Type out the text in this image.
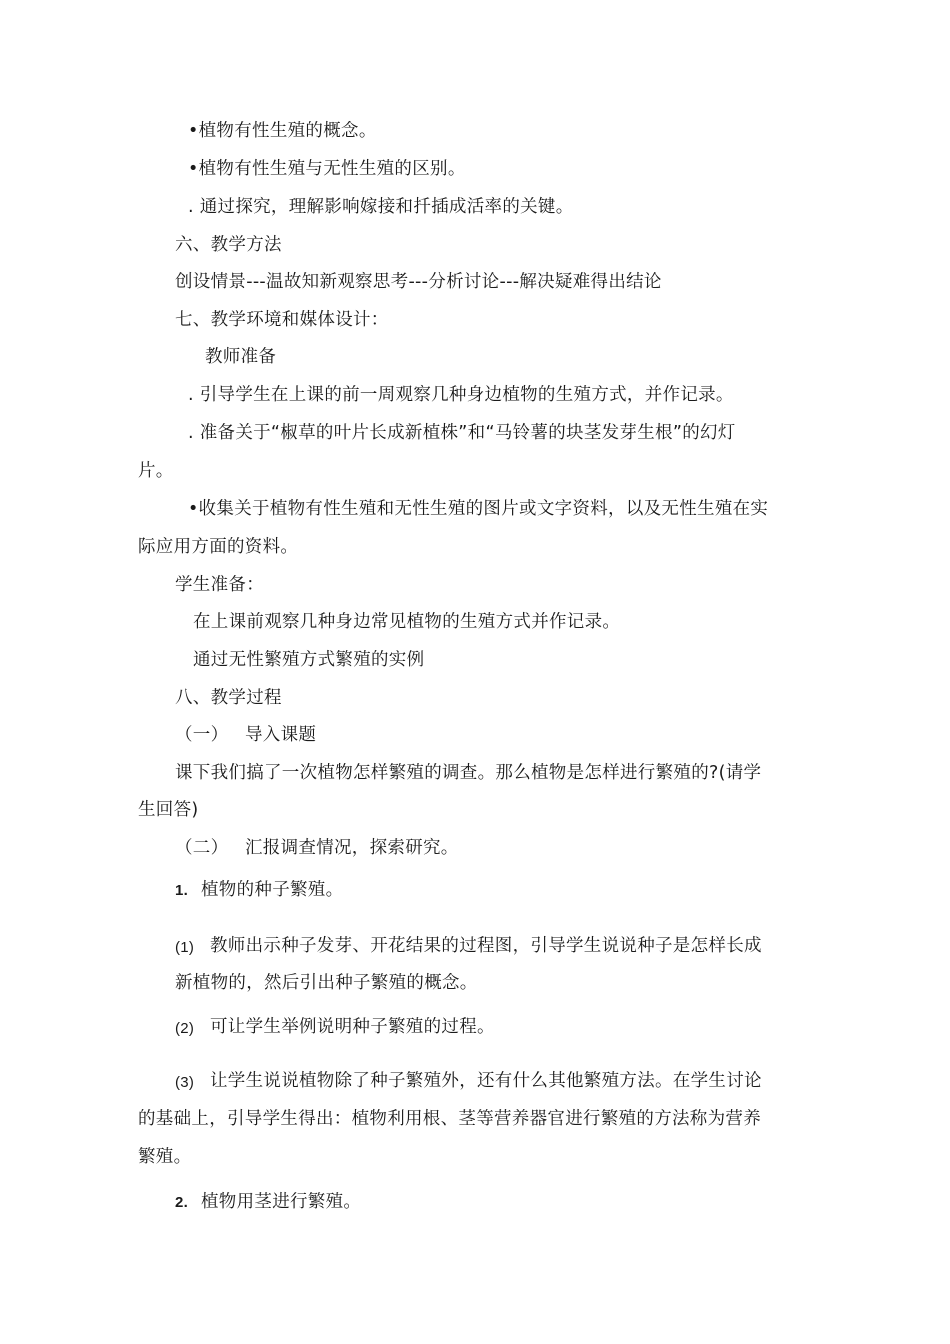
•植物有性生殖的概念。
•植物有性生殖与无性生殖的区别。
. 通过探究，理解影响嫁接和扦插成活率的关键。
六、教学方法
创设情景---温故知新观察思考---分析讨论---解决疑难得出结论
七、教学环境和媒体设计：
教师准备
. 引导学生在上课的前一周观察几种身边植物的生殖方式，并作记录。
. 准备关于“椒草的叶片长成新植株”和“马铃薯的块茎发芽生根”的幻灯
片。
•收集关于植物有性生殖和无性生殖的图片或文字资料，以及无性生殖在实
际应用方面的资料。
学生准备：
在上课前观察几种身边常见植物的生殖方式并作记录。
通过无性繁殖方式繁殖的实例
八、教学过程
（一） 导入课题
课下我们搞了一次植物怎样繁殖的调查。那么植物是怎样进行繁殖的?(请学
生回答)
（二） 汇报调查情况，探索研究。
1. 植物的种子繁殖。
(1) 教师出示种子发芽、开花结果的过程图，引导学生说说种子是怎样长成
新植物的，然后引出种子繁殖的概念。
(2) 可让学生举例说明种子繁殖的过程。
(3) 让学生说说植物除了种子繁殖外，还有什么其他繁殖方法。在学生讨论
的基础上，引导学生得出：植物利用根、茎等营养器官进行繁殖的方法称为营养
繁殖。
2. 植物用茎进行繁殖。
